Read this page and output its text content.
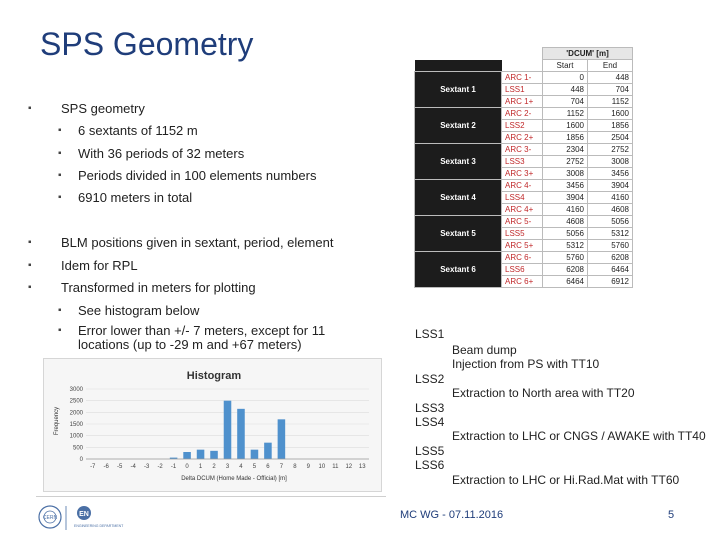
SPS Geometry
▪ SPS geometry
▪ 6 sextants of 1152 m
▪ With 36 periods of 32 meters
▪ Periods divided in 100 elements numbers
▪ 6910 meters in total
▪ BLM positions given in sextant, period, element
▪ Idem for RPL
▪ Transformed in meters for plotting
▪ See histogram below
▪ Error lower than +/- 7 meters, except for 11 locations (up to -29 m and +67 meters)
			'DCUM' [m]	
			Start	End
Sextant 1		ARC 1-	0	448
		LSS1	448	704
		ARC 1+	704	1152
Sextant 2		ARC 2-	1152	1600
		LSS2	1600	1856
		ARC 2+	1856	2504
Sextant 3		ARC 3-	2304	2752
		LSS3	2752	3008
		ARC 3+	3008	3456
Sextant 4		ARC 4-	3456	3904
		LSS4	3904	4160
		ARC 4+	4160	4608
Sextant 5		ARC 5-	4608	5056
		LSS5	5056	5312
		ARC 5+	5312	5760
Sextant 6		ARC 6-	5760	6208
		LSS6	6208	6464
		ARC 6+	6464	6912
Histogram
Frequency
Delta DCUM (Home Made - Official) [m]
0
500
1000
1500
2000
2500
3000
-7 -6 -5 -4 -3 -2 -1 0 1 2 3 4 5 6 7 8 9 10 11 12 13
LSS1
Beam dump
Injection from PS with TT10
LSS2
Extraction to North area with TT20
LSS3
LSS4
Extraction to LHC or CNGS / AWAKE with TT40
LSS5
LSS6
Extraction to LHC or Hi.Rad.Mat with TT60
CERN	EN
ENGINEERING DEPARTMENT
MC WG - 07.11.2016	5
